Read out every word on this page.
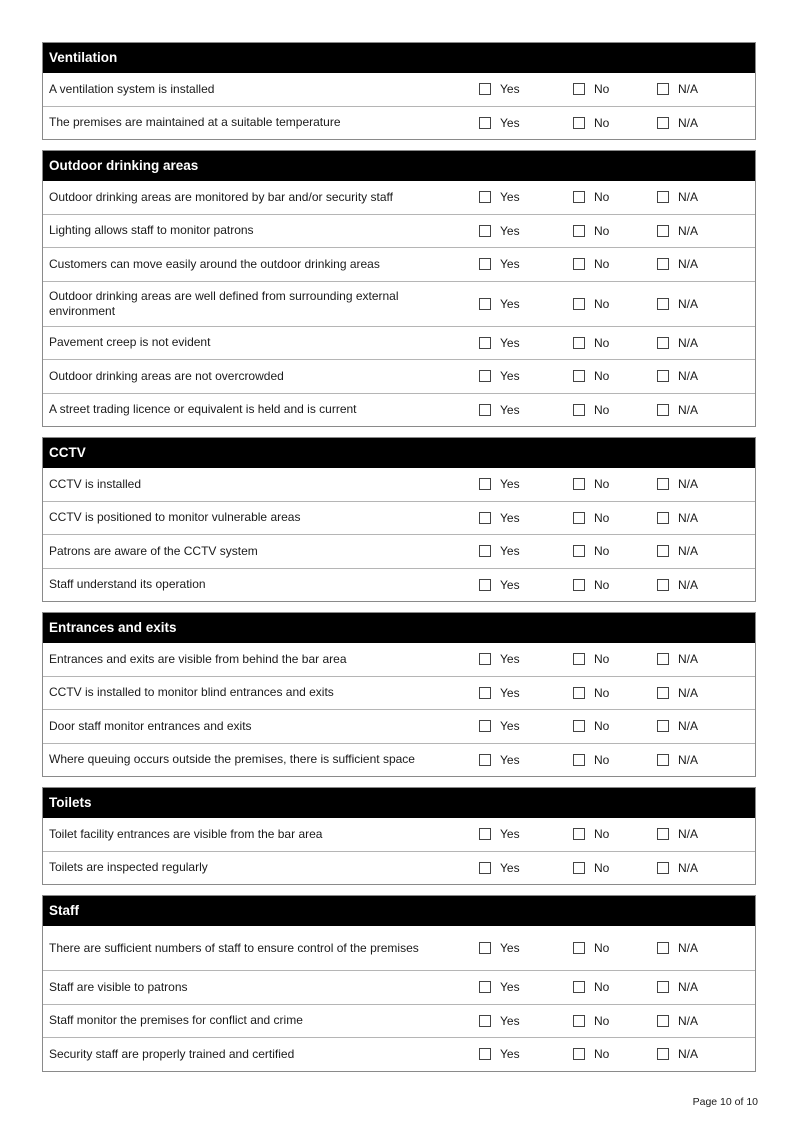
Ventilation
A ventilation system is installed	Yes	No	N/A
The premises are maintained at a suitable temperature	Yes	No	N/A
Outdoor drinking areas
Outdoor drinking areas are monitored by bar and/or security staff	Yes	No	N/A
Lighting allows staff to monitor patrons	Yes	No	N/A
Customers can move easily around the outdoor drinking areas	Yes	No	N/A
Outdoor drinking areas are well defined from surrounding external environment	Yes	No	N/A
Pavement creep is not evident	Yes	No	N/A
Outdoor drinking areas are not overcrowded	Yes	No	N/A
A street trading licence or equivalent is held and is current	Yes	No	N/A
CCTV
CCTV is installed	Yes	No	N/A
CCTV is positioned to monitor vulnerable areas	Yes	No	N/A
Patrons are aware of the CCTV system	Yes	No	N/A
Staff understand its operation	Yes	No	N/A
Entrances and exits
Entrances and exits are visible from behind the bar area	Yes	No	N/A
CCTV is installed to monitor blind entrances and exits	Yes	No	N/A
Door staff monitor entrances and exits	Yes	No	N/A
Where queuing occurs outside the premises, there is sufficient space	Yes	No	N/A
Toilets
Toilet facility entrances are visible from the bar area	Yes	No	N/A
Toilets are inspected regularly	Yes	No	N/A
Staff
There are sufficient numbers of staff to ensure control of the premises	Yes	No	N/A
Staff are visible to patrons	Yes	No	N/A
Staff monitor the premises for conflict and crime	Yes	No	N/A
Security staff are properly trained and certified	Yes	No	N/A
Page 10 of 10
